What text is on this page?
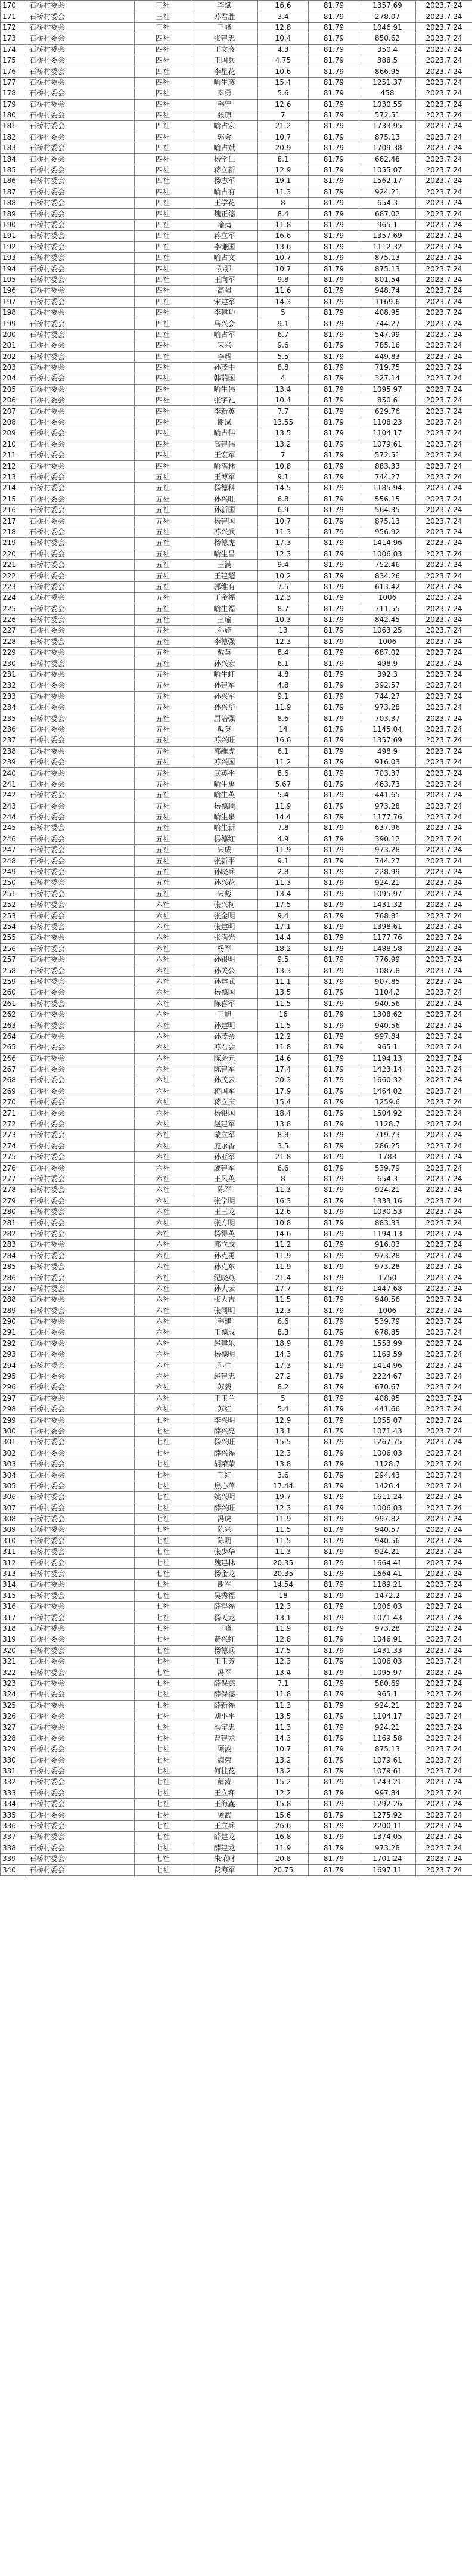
170	石桥村委会	三社	李斌	16.6	81.79	1357.69	2023.7.24
171	石桥村委会	三社	苏君胜	3.4	81.79	278.07	2023.7.24
172	石桥村委会	三社	王峰	12.8	81.79	1046.91	2023.7.24
173	石桥村委会	四社	张建忠	10.4	81.79	850.62	2023.7.24
174	石桥村委会	四社	王文彦	4.3	81.79	350.4	2023.7.24
175	石桥村委会	四社	王国兵	4.75	81.79	388.5	2023.7.24
176	石桥村委会	四社	李星花	10.6	81.79	866.95	2023.7.24
177	石桥村委会	四社	喻生彦	15.4	81.79	1251.37	2023.7.24
178	石桥村委会	四社	秦勇	5.6	81.79	458	2023.7.24
179	石桥村委会	四社	韩宁	12.6	81.79	1030.55	2023.7.24
180	石桥村委会	四社	张琼	7	81.79	572.51	2023.7.24
181	石桥村委会	四社	喻占宏	21.2	81.79	1733.95	2023.7.24
182	石桥村委会	四社	郭会	10.7	81.79	875.13	2023.7.24
183	石桥村委会	四社	喻占斌	20.9	81.79	1709.38	2023.7.24
184	石桥村委会	四社	杨学仁	8.1	81.79	662.48	2023.7.24
185	石桥村委会	四社	蒋立新	12.9	81.79	1055.07	2023.7.24
186	石桥村委会	四社	杨志军	19.1	81.79	1562.17	2023.7.24
187	石桥村委会	四社	喻占有	11.3	81.79	924.21	2023.7.24
188	石桥村委会	四社	王学花	8	81.79	654.3	2023.7.24
189	石桥村委会	四社	魏正德	8.4	81.79	687.02	2023.7.24
190	石桥村委会	四社	喻夷	11.8	81.79	965.1	2023.7.24
191	石桥村委会	四社	蒋立军	16.6	81.79	1357.69	2023.7.24
192	石桥村委会	四社	李谦国	13.6	81.79	1112.32	2023.7.24
193	石桥村委会	四社	喻占文	10.7	81.79	875.13	2023.7.24
194	石桥村委会	四社	孙强	10.7	81.79	875.13	2023.7.24
195	石桥村委会	四社	王向军	9.8	81.79	801.54	2023.7.24
196	石桥村委会	四社	高强	11.6	81.79	948.74	2023.7.24
197	石桥村委会	四社	宋建军	14.3	81.79	1169.6	2023.7.24
198	石桥村委会	四社	李建功	5	81.79	408.95	2023.7.24
199	石桥村委会	四社	马兴会	9.1	81.79	744.27	2023.7.24
200	石桥村委会	四社	喻占军	6.7	81.79	547.99	2023.7.24
201	石桥村委会	四社	宋兴	9.6	81.79	785.16	2023.7.24
202	石桥村委会	四社	李耀	5.5	81.79	449.83	2023.7.24
203	石桥村委会	四社	孙茂中	8.8	81.79	719.75	2023.7.24
204	石桥村委会	四社	韩瑞国	4	81.79	327.14	2023.7.24
205	石桥村委会	四社	喻生伟	13.4	81.79	1095.97	2023.7.24
206	石桥村委会	四社	张宇礼	10.4	81.79	850.6	2023.7.24
207	石桥村委会	四社	李新英	7.7	81.79	629.76	2023.7.24
208	石桥村委会	四社	谢岚	13.55	81.79	1108.23	2023.7.24
209	石桥村委会	四社	喻占伟	13.5	81.79	1104.17	2023.7.24
210	石桥村委会	四社	高建伟	13.2	81.79	1079.61	2023.7.24
211	石桥村委会	四社	王宏军	7	81.79	572.51	2023.7.24
212	石桥村委会	四社	喻满林	10.8	81.79	883.33	2023.7.24
213	石桥村委会	五社	王博军	9.1	81.79	744.27	2023.7.24
214	石桥村委会	五社	杨德科	14.5	81.79	1185.94	2023.7.24
215	石桥村委会	五社	孙兴旺	6.8	81.79	556.15	2023.7.24
216	石桥村委会	五社	孙新国	6.9	81.79	564.35	2023.7.24
217	石桥村委会	五社	杨建国	10.7	81.79	875.13	2023.7.24
218	石桥村委会	五社	苏兴武	11.3	81.79	956.92	2023.7.24
219	石桥村委会	五社	杨德虎	17.3	81.79	1414.96	2023.7.24
220	石桥村委会	五社	喻生昌	12.3	81.79	1006.03	2023.7.24
221	石桥村委会	五社	王满	9.4	81.79	752.46	2023.7.24
222	石桥村委会	五社	王建超	10.2	81.79	834.26	2023.7.24
223	石桥村委会	五社	郭维有	7.5	81.79	613.42	2023.7.24
224	石桥村委会	五社	丁金福	12.3	81.79	1006	2023.7.24
225	石桥村委会	五社	喻生福	8.7	81.79	711.55	2023.7.24
226	石桥村委会	五社	王瑜	10.3	81.79	842.45	2023.7.24
227	石桥村委会	五社	孙施	13	81.79	1063.25	2023.7.24
228	石桥村委会	五社	李德强	12.3	81.79	1006	2023.7.24
229	石桥村委会	五社	戴英	8.4	81.79	687.02	2023.7.24
230	石桥村委会	五社	孙兴宏	6.1	81.79	498.9	2023.7.24
231	石桥村委会	五社	喻生虹	4.8	81.79	392.3	2023.7.24
232	石桥村委会	五社	孙建军	4.8	81.79	392.57	2023.7.24
233	石桥村委会	五社	孙兴军	9.1	81.79	744.27	2023.7.24
234	石桥村委会	五社	孙兴华	11.9	81.79	973.28	2023.7.24
235	石桥村委会	五社	屈培强	8.6	81.79	703.37	2023.7.24
236	石桥村委会	五社	戴英	14	81.79	1145.04	2023.7.24
237	石桥村委会	五社	苏兴旺	16.6	81.79	1357.69	2023.7.24
238	石桥村委会	五社	郭维虎	6.1	81.79	498.9	2023.7.24
239	石桥村委会	五社	苏兴国	11.2	81.79	916.03	2023.7.24
240	石桥村委会	五社	武英平	8.6	81.79	703.37	2023.7.24
241	石桥村委会	五社	喻生禹	5.67	81.79	463.73	2023.7.24
242	石桥村委会	五社	喻生英	5.4	81.79	441.65	2023.7.24
243	石桥村委会	五社	杨德顺	11.9	81.79	973.28	2023.7.24
244	石桥村委会	五社	喻生泉	14.4	81.79	1177.76	2023.7.24
245	石桥村委会	五社	喻生新	7.8	81.79	637.96	2023.7.24
246	石桥村委会	五社	杨德红	4.9	81.79	390.12	2023.7.24
247	石桥村委会	五社	宋成	11.9	81.79	973.28	2023.7.24
248	石桥村委会	五社	张新平	9.1	81.79	744.27	2023.7.24
249	石桥村委会	五社	孙晓兵	2.8	81.79	228.99	2023.7.24
250	石桥村委会	五社	孙兴花	11.3	81.79	924.21	2023.7.24
251	石桥村委会	五社	宋彪	13.4	81.79	1095.97	2023.7.24
252	石桥村委会	六社	张兴柯	17.5	81.79	1431.32	2023.7.24
253	石桥村委会	六社	张金明	9.4	81.79	768.81	2023.7.24
254	石桥村委会	六社	张建明	17.1	81.79	1398.61	2023.7.24
255	石桥村委会	六社	张满光	14.4	81.79	1177.76	2023.7.24
256	石桥村委会	六社	杨军	18.2	81.79	1488.58	2023.7.24
257	石桥村委会	六社	孙银明	9.5	81.79	776.99	2023.7.24
258	石桥村委会	六社	孙关公	13.3	81.79	1087.8	2023.7.24
259	石桥村委会	六社	孙建武	11.1	81.79	907.85	2023.7.24
260	石桥村委会	六社	杨德国	13.5	81.79	1104.2	2023.7.24
261	石桥村委会	六社	陈喜军	11.5	81.79	940.56	2023.7.24
262	石桥村委会	六社	王旭	16	81.79	1308.62	2023.7.24
263	石桥村委会	六社	孙建明	11.5	81.79	940.56	2023.7.24
264	石桥村委会	六社	孙茂会	12.2	81.79	997.84	2023.7.24
265	石桥村委会	六社	苏君会	11.8	81.79	965.1	2023.7.24
266	石桥村委会	六社	陈会元	14.6	81.79	1194.13	2023.7.24
267	石桥村委会	六社	陈建军	17.4	81.79	1423.14	2023.7.24
268	石桥村委会	六社	孙茂云	20.3	81.79	1660.32	2023.7.24
269	石桥村委会	六社	蒋国军	17.9	81.79	1464.02	2023.7.24
270	石桥村委会	六社	蒋立庆	15.4	81.79	1259.6	2023.7.24
271	石桥村委会	六社	杨银国	18.4	81.79	1504.92	2023.7.24
272	石桥村委会	六社	赵建军	13.8	81.79	1128.7	2023.7.24
273	石桥村委会	六社	蒙立军	8.8	81.79	719.73	2023.7.24
274	石桥村委会	六社	庞永香	3.5	81.79	286.25	2023.7.24
275	石桥村委会	六社	孙亚军	21.8	81.79	1783	2023.7.24
276	石桥村委会	六社	廖建军	6.6	81.79	539.79	2023.7.24
277	石桥村委会	六社	王风英	8	81.79	654.3	2023.7.24
278	石桥村委会	六社	陈军	11.3	81.79	924.21	2023.7.24
279	石桥村委会	六社	张学明	16.3	81.79	1333.16	2023.7.24
280	石桥村委会	六社	王三龙	12.6	81.79	1030.53	2023.7.24
281	石桥村委会	六社	张方明	10.8	81.79	883.33	2023.7.24
282	石桥村委会	六社	杨得英	14.6	81.79	1194.13	2023.7.24
283	石桥村委会	六社	郭立成	11.2	81.79	916.03	2023.7.24
284	石桥村委会	六社	孙克勇	11.9	81.79	973.28	2023.7.24
285	石桥村委会	六社	孙克东	11.9	81.79	973.28	2023.7.24
286	石桥村委会	六社	纪晓燕	21.4	81.79	1750	2023.7.24
287	石桥村委会	六社	孙大云	17.7	81.79	1447.68	2023.7.24
288	石桥村委会	六社	张大吉	11.5	81.79	940.56	2023.7.24
289	石桥村委会	六社	张同明	12.3	81.79	1006	2023.7.24
290	石桥村委会	六社	韩建	6.6	81.79	539.79	2023.7.24
291	石桥村委会	六社	王德成	8.3	81.79	678.85	2023.7.24
292	石桥村委会	六社	赵建乐	18.9	81.79	1553.99	2023.7.24
293	石桥村委会	六社	杨德明	14.3	81.79	1169.59	2023.7.24
294	石桥村委会	六社	孙生	17.3	81.79	1414.96	2023.7.24
295	石桥村委会	六社	赵建忠	27.2	81.79	2224.67	2023.7.24
296	石桥村委会	六社	苏毅	8.2	81.79	670.67	2023.7.24
297	石桥村委会	六社	王玉兰	5	81.79	408.95	2023.7.24
298	石桥村委会	六社	苏红	5.4	81.79	441.66	2023.7.24
299	石桥村委会	七社	李兴明	12.9	81.79	1055.07	2023.7.24
300	石桥村委会	七社	薛兴亮	13.1	81.79	1071.43	2023.7.24
301	石桥村委会	七社	杨兴旺	15.5	81.79	1267.75	2023.7.24
302	石桥村委会	七社	薛兴福	12.3	81.79	1006.03	2023.7.24
303	石桥村委会	七社	胡荣荣	13.8	81.79	1128.7	2023.7.24
304	石桥村委会	七社	王红	3.6	81.79	294.43	2023.7.24
305	石桥村委会	七社	焦心萍	17.44	81.79	1426.4	2023.7.24
306	石桥村委会	七社	姚兴明	19.7	81.79	1611.24	2023.7.24
307	石桥村委会	七社	薛兴旺	12.3	81.79	1006.03	2023.7.24
308	石桥村委会	七社	冯虎	11.9	81.79	997.82	2023.7.24
309	石桥村委会	七社	陈兴	11.5	81.79	940.57	2023.7.24
310	石桥村委会	七社	陈明	11.5	81.79	940.56	2023.7.24
311	石桥村委会	七社	张少华	11.3	81.79	924.21	2023.7.24
312	石桥村委会	七社	魏建林	20.35	81.79	1664.41	2023.7.24
313	石桥村委会	七社	杨金龙	20.35	81.79	1664.41	2023.7.24
314	石桥村委会	七社	谢军	14.54	81.79	1189.21	2023.7.24
315	石桥村委会	七社	吴秀福	18	81.79	1472.2	2023.7.24
316	石桥村委会	七社	薛得福	12.3	81.79	1006.03	2023.7.24
317	石桥村委会	七社	杨天龙	13.1	81.79	1071.43	2023.7.24
318	石桥村委会	七社	王峰	11.9	81.79	973.28	2023.7.24
319	石桥村委会	七社	费兴红	12.8	81.79	1046.91	2023.7.24
320	石桥村委会	七社	杨德兵	17.5	81.79	1431.33	2023.7.24
321	石桥村委会	七社	王玉芳	12.3	81.79	1006.03	2023.7.24
322	石桥村委会	七社	冯军	13.4	81.79	1095.97	2023.7.24
323	石桥村委会	七社	薛保德	7.1	81.79	580.69	2023.7.24
324	石桥村委会	七社	薛保德	11.8	81.79	965.1	2023.7.24
325	石桥村委会	七社	薛新福	11.3	81.79	924.21	2023.7.24
326	石桥村委会	七社	刘小平	13.5	81.79	1104.17	2023.7.24
327	石桥村委会	七社	冯宝忠	11.3	81.79	924.21	2023.7.24
328	石桥村委会	七社	曹建龙	14.3	81.79	1169.58	2023.7.24
329	石桥村委会	七社	顾波	10.7	81.79	875.13	2023.7.24
330	石桥村委会	七社	魏荣	13.2	81.79	1079.61	2023.7.24
331	石桥村委会	七社	何桂花	13.2	81.79	1079.61	2023.7.24
332	石桥村委会	七社	薛涛	15.2	81.79	1243.21	2023.7.24
333	石桥村委会	七社	王立锋	12.2	81.79	997.84	2023.7.24
334	石桥村委会	七社	王海鑫	15.8	81.79	1292.26	2023.7.24
335	石桥村委会	七社	顾武	15.6	81.79	1275.92	2023.7.24
336	石桥村委会	七社	王立兵	26.6	81.79	2200.11	2023.7.24
337	石桥村委会	七社	薛建龙	16.8	81.79	1374.05	2023.7.24
338	石桥村委会	七社	薛建龙	11.9	81.79	973.28	2023.7.24
339	石桥村委会	七社	朱荣财	20.8	81.79	1701.24	2023.7.24
340	石桥村委会	七社	费海军	20.75	81.79	1697.11	2023.7.24
